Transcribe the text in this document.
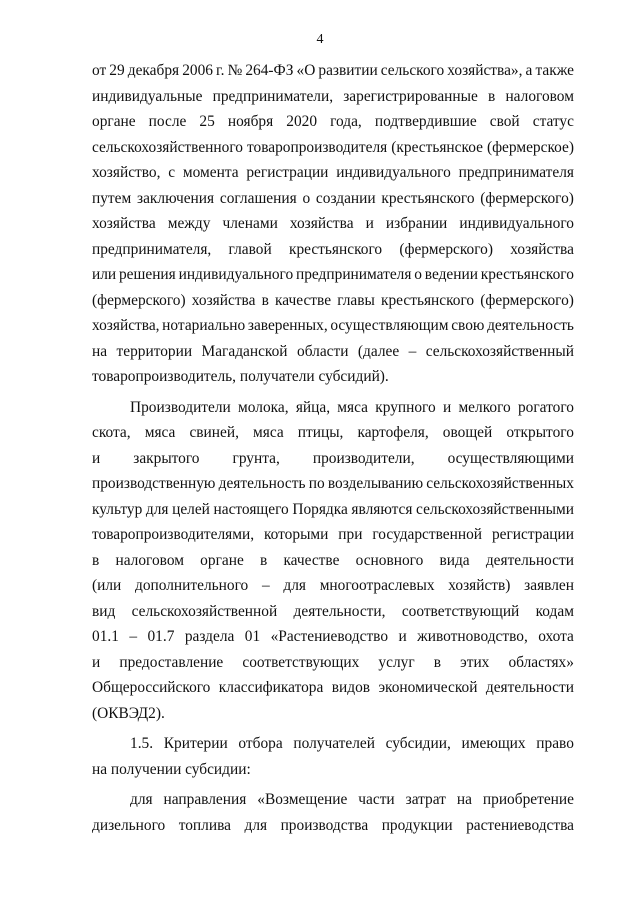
4
от 29 декабря 2006 г. № 264-ФЗ «О развитии сельского хозяйства», а также
индивидуальные предприниматели, зарегистрированные в налоговом
органе после 25 ноября 2020 года, подтвердившие свой статус
сельскохозяйственного товаропроизводителя (крестьянское (фермерское)
хозяйство, с момента регистрации индивидуального предпринимателя
путем заключения соглашения о создании крестьянского (фермерского)
хозяйства между членами хозяйства и избрании индивидуального
предпринимателя, главой крестьянского (фермерского) хозяйства
или решения индивидуального предпринимателя о ведении крестьянского
(фермерского) хозяйства в качестве главы крестьянского (фермерского)
хозяйства, нотариально заверенных, осуществляющим свою деятельность
на территории Магаданской области (далее – сельскохозяйственный
товаропроизводитель, получатели субсидий).
Производители молока, яйца, мяса крупного и мелкого рогатого
скота, мяса свиней, мяса птицы, картофеля, овощей открытого
и закрытого грунта, производители, осуществляющими
производственную деятельность по возделыванию сельскохозяйственных
культур для целей настоящего Порядка являются сельскохозяйственными
товаропроизводителями, которыми при государственной регистрации
в налоговом органе в качестве основного вида деятельности
(или дополнительного – для многоотраслевых хозяйств) заявлен
вид сельскохозяйственной деятельности, соответствующий кодам
01.1 – 01.7 раздела 01 «Растениеводство и животноводство, охота
и предоставление соответствующих услуг в этих областях»
Общероссийского классификатора видов экономической деятельности
(ОКВЭД2).
1.5. Критерии отбора получателей субсидии, имеющих право
на получении субсидии:
для направления «Возмещение части затрат на приобретение
дизельного топлива для производства продукции растениеводства
